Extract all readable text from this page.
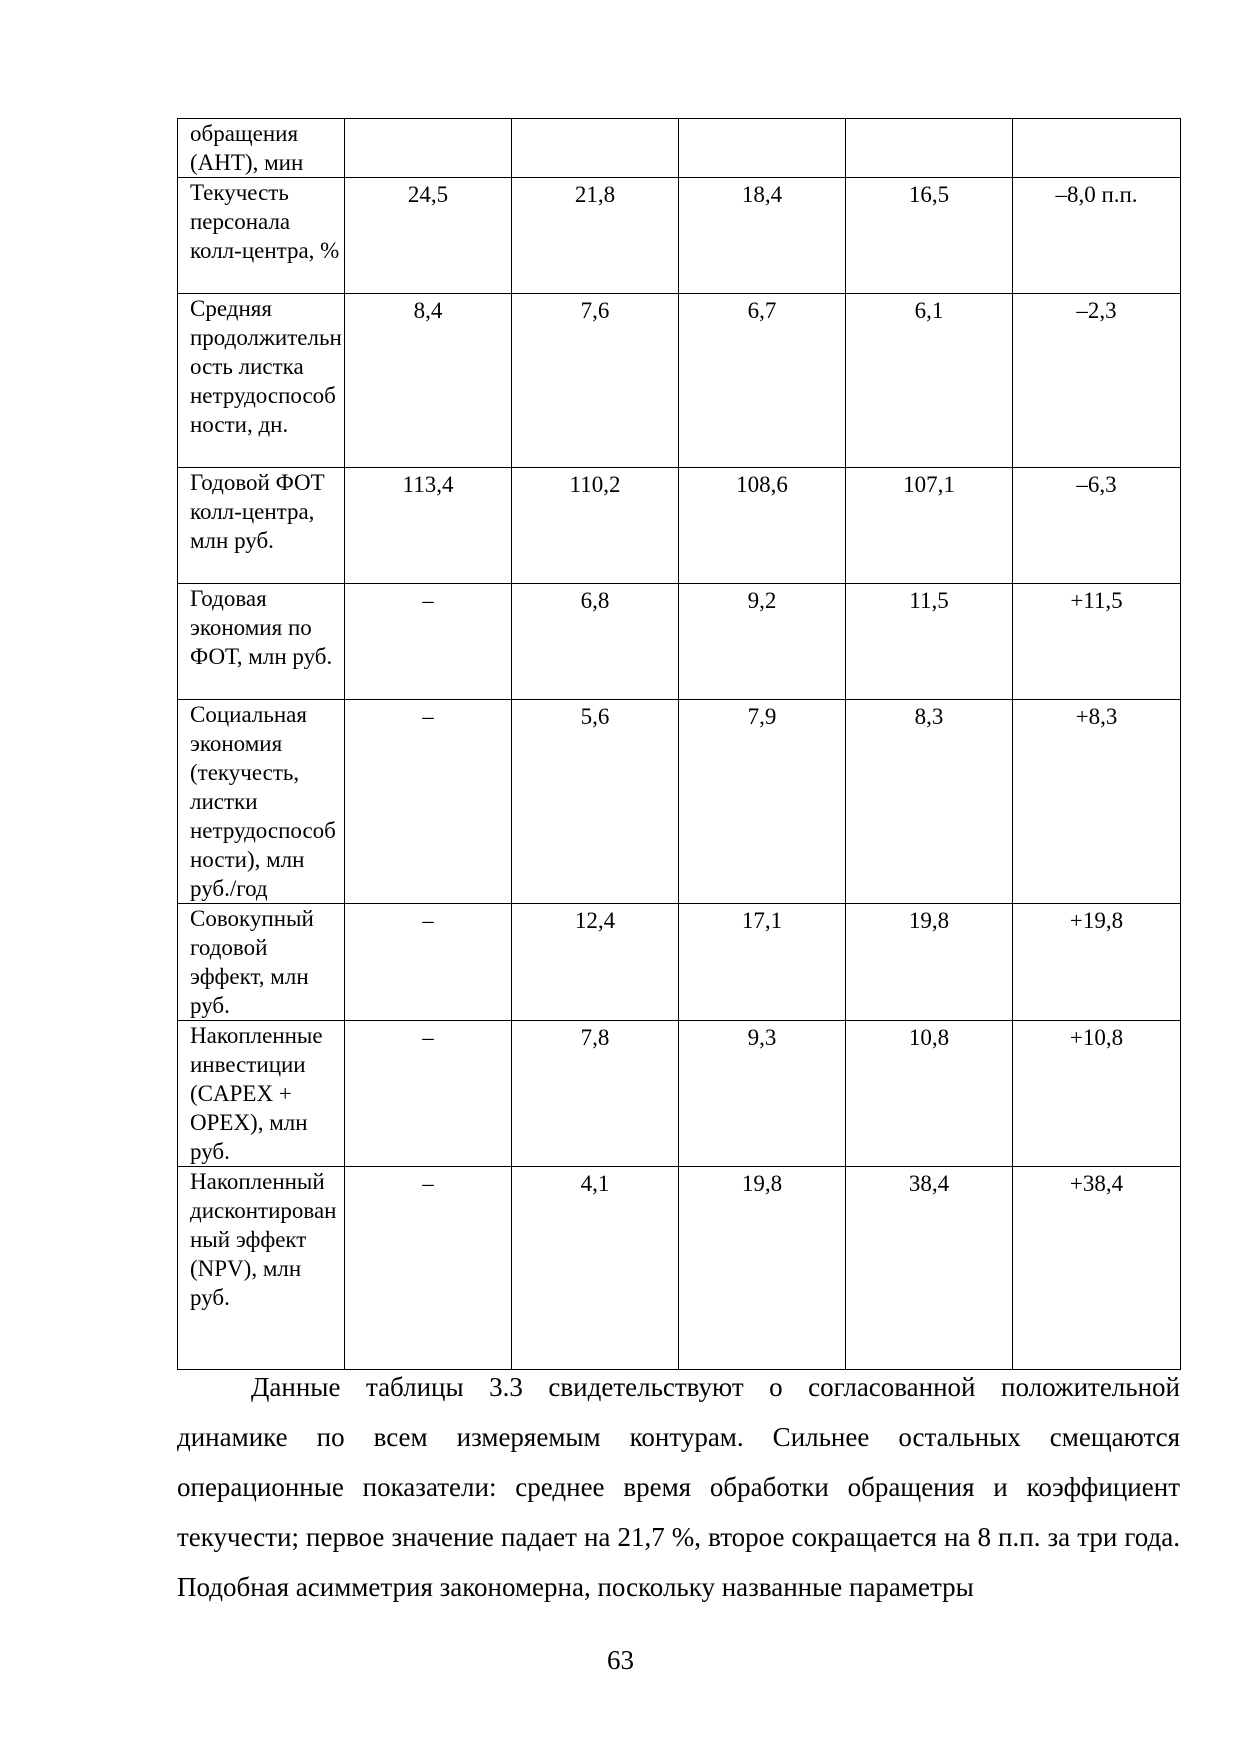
обращения (АНТ), мин					
Текучесть персонала колл-центра, %	24,5	21,8	18,4	16,5	–8,0 п.п.
Средняя продолжительность листка нетрудоспособности, дн.	8,4	7,6	6,7	6,1	–2,3
Годовой ФОТ колл-центра, млн руб.	113,4	110,2	108,6	107,1	–6,3
Годовая экономия по ФОТ, млн руб.	–	6,8	9,2	11,5	+11,5
Социальная экономия (текучесть, листки нетрудоспособности), млн руб./год	–	5,6	7,9	8,3	+8,3
Совокупный годовой эффект, млн руб.	–	12,4	17,1	19,8	+19,8
Накопленные инвестиции (CAPEX + OPEX), млн руб.	–	7,8	9,3	10,8	+10,8
Накопленный дисконтированный эффект (NPV), млн руб.	–	4,1	19,8	38,4	+38,4

Данные таблицы 3.3 свидетельствуют о согласованной положительной динамике по всем измеряемым контурам. Сильнее остальных смещаются операционные показатели: среднее время обработки обращения и коэффициент текучести; первое значение падает на 21,7 %, второе сокращается на 8 п.п. за три года. Подобная асимметрия закономерна, поскольку названные параметры

63
